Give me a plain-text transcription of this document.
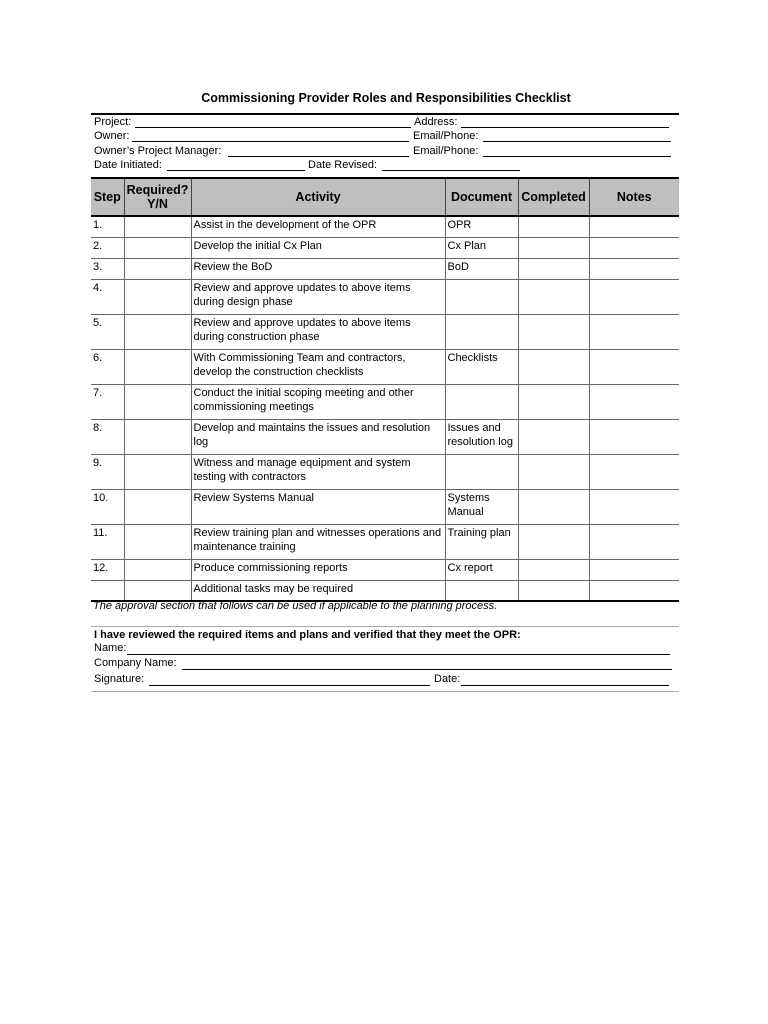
Commissioning Provider Roles and Responsibilities Checklist
Project:	Address:
Owner:	Email/Phone:
Owner’s Project Manager:	Email/Phone:
Date Initiated:	Date Revised:
Step	Required? Y/N	Activity	Document	Completed	Notes
1.		Assist in the development of the OPR	OPR		
2.		Develop the initial Cx Plan	Cx Plan		
3.		Review the BoD	BoD		
4.		Review and approve updates to above items during design phase			
5.		Review and approve updates to above items during construction phase			
6.		With Commissioning Team and contractors, develop the construction checklists	Checklists		
7.		Conduct the initial scoping meeting and other commissioning meetings			
8.		Develop and maintains the issues and resolution log	Issues and resolution log		
9.		Witness and manage equipment and system testing with contractors			
10.		Review Systems Manual	Systems Manual		
11.		Review training plan and witnesses operations and maintenance training	Training plan		
12.		Produce commissioning reports	Cx report		
		Additional tasks may be required			
The approval section that follows can be used if applicable to the planning process.
I have reviewed the required items and plans and verified that they meet the OPR:
Name:
Company Name:
Signature:	Date:
